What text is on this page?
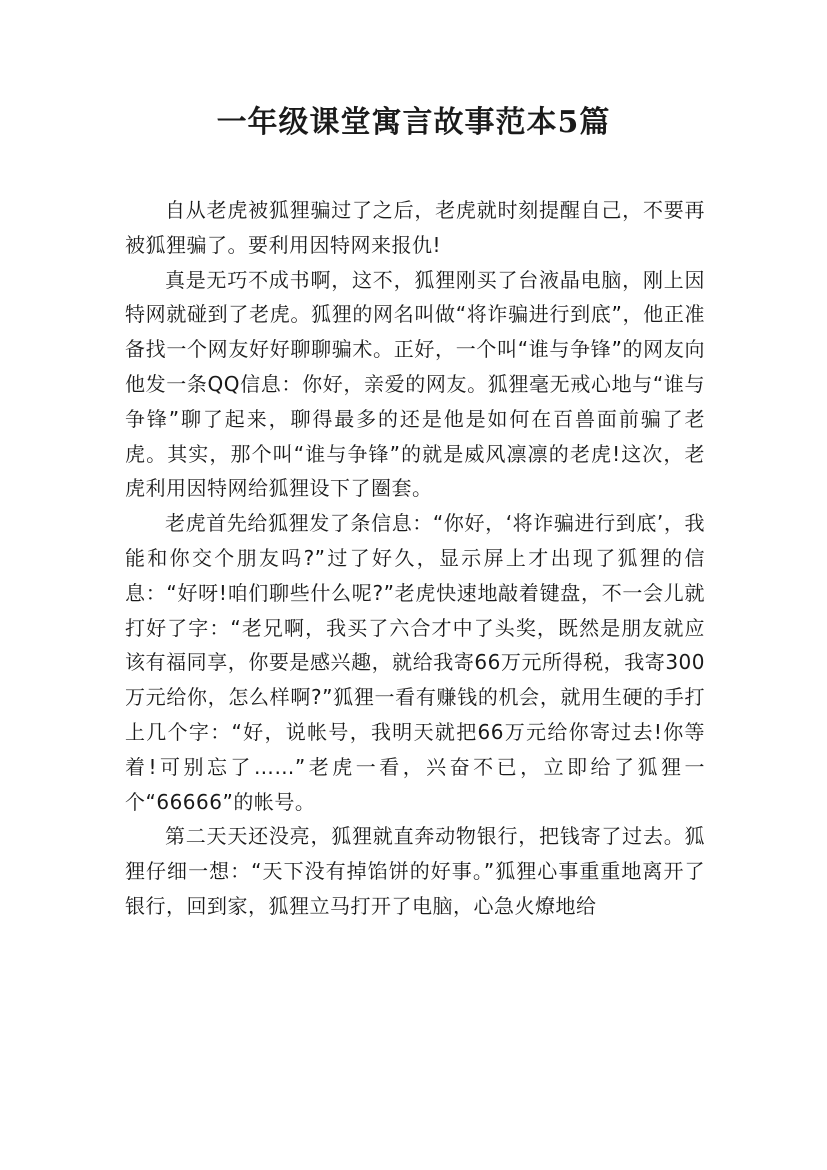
一年级课堂寓言故事范本5篇

自从老虎被狐狸骗过了之后，老虎就时刻提醒自己，不要再被狐狸骗了。要利用因特网来报仇!

真是无巧不成书啊，这不，狐狸刚买了台液晶电脑，刚上因特网就碰到了老虎。狐狸的网名叫做“将诈骗进行到底”，他正准备找一个网友好好聊聊骗术。正好，一个叫“谁与争锋”的网友向他发一条QQ信息：你好，亲爱的网友。狐狸毫无戒心地与“谁与争锋”聊了起来，聊得最多的还是他是如何在百兽面前骗了老虎。其实，那个叫“谁与争锋”的就是威风凛凛的老虎!这次，老虎利用因特网给狐狸设下了圈套。

老虎首先给狐狸发了条信息：“你好，‘将诈骗进行到底’，我能和你交个朋友吗?”过了好久，显示屏上才出现了狐狸的信息：“好呀!咱们聊些什么呢?”老虎快速地敲着键盘，不一会儿就打好了字：“老兄啊，我买了六合才中了头奖，既然是朋友就应该有福同享，你要是感兴趣，就给我寄66万元所得税，我寄300万元给你，怎么样啊?”狐狸一看有赚钱的机会，就用生硬的手打上几个字：“好，说帐号，我明天就把66万元给你寄过去!你等着!可别忘了……”老虎一看，兴奋不已，立即给了狐狸一个“66666”的帐号。

第二天天还没亮，狐狸就直奔动物银行，把钱寄了过去。狐狸仔细一想：“天下没有掉馅饼的好事。”狐狸心事重重地离开了银行，回到家，狐狸立马打开了电脑，心急火燎地给
